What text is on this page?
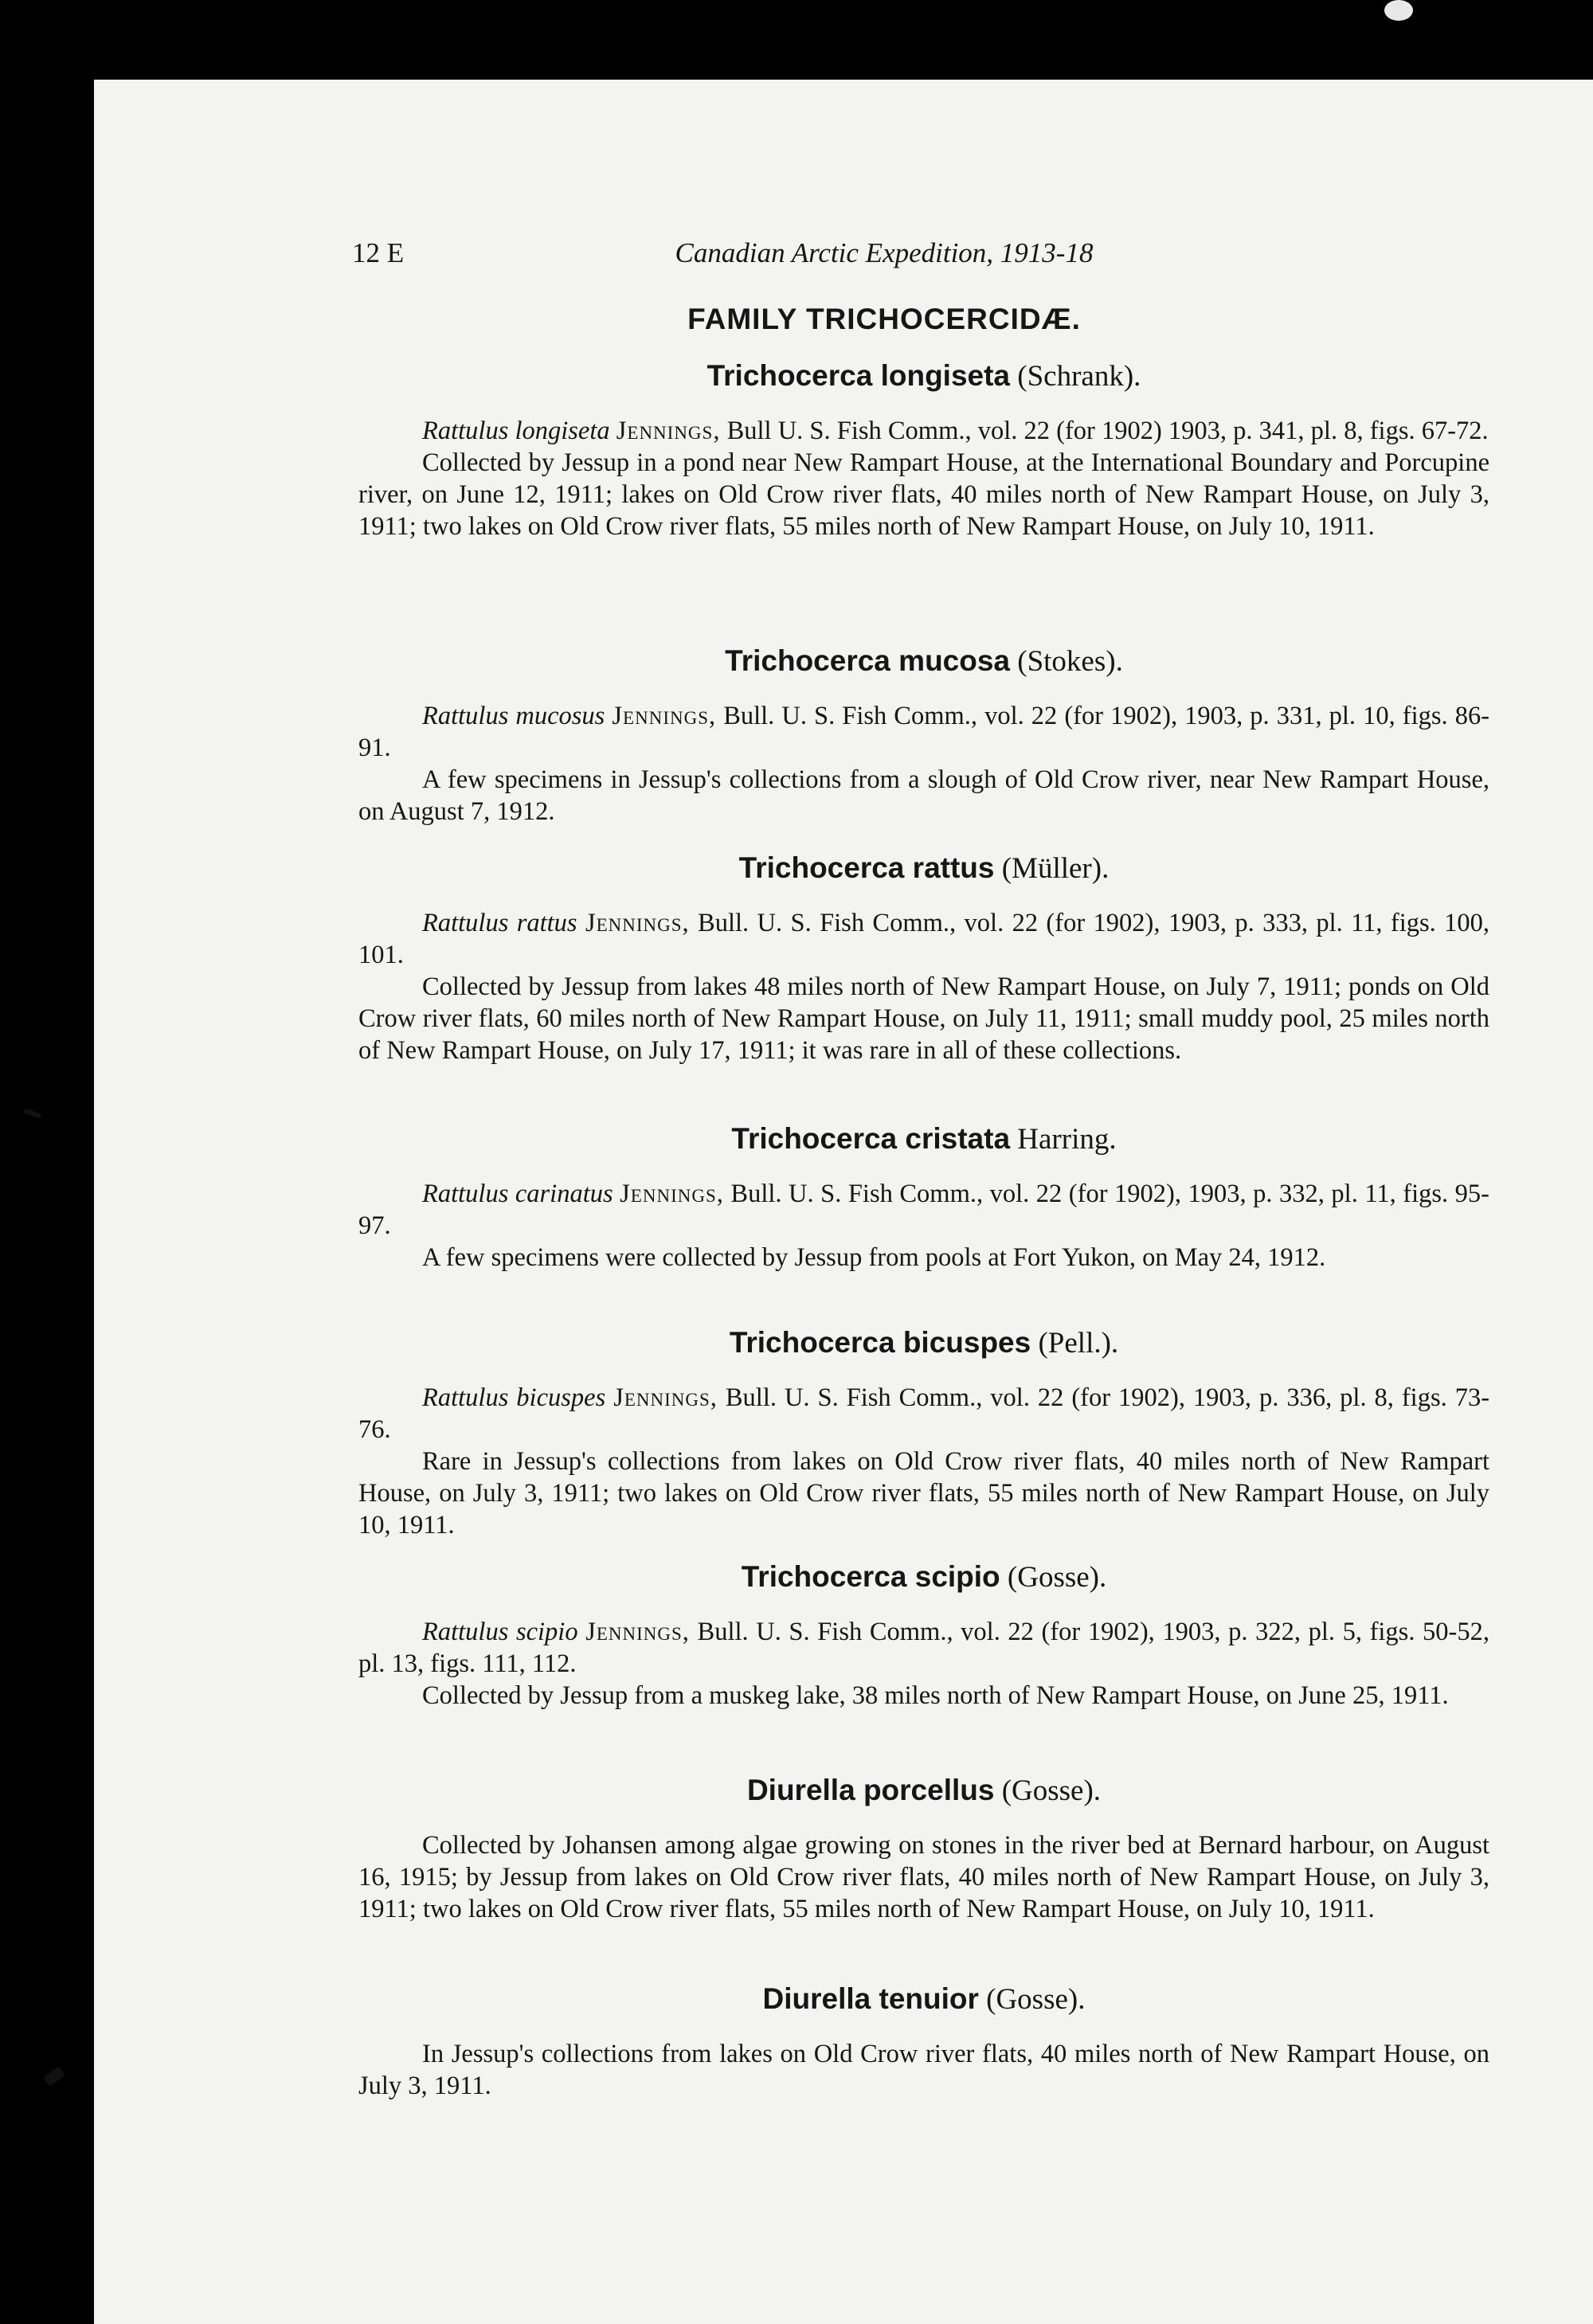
12 E	Canadian Arctic Expedition, 1913-18
FAMILY TRICHOCERCIDÆ.
Trichocerca longiseta (Schrank).

Rattulus longiseta Jennings, Bull U. S. Fish Comm., vol. 22 (for 1902) 1903, p. 341, pl. 8, figs. 67-72.

Collected by Jessup in a pond near New Rampart House, at the International Boundary and Porcupine river, on June 12, 1911; lakes on Old Crow river flats, 40 miles north of New Rampart House, on July 3, 1911; two lakes on Old Crow river flats, 55 miles north of New Rampart House, on July 10, 1911.

Trichocerca mucosa (Stokes).

Rattulus mucosus Jennings, Bull. U. S. Fish Comm., vol. 22 (for 1902), 1903, p. 331, pl. 10, figs. 86-91.

A few specimens in Jessup's collections from a slough of Old Crow river, near New Rampart House, on August 7, 1912.

Trichocerca rattus (Müller).

Rattulus rattus Jennings, Bull. U. S. Fish Comm., vol. 22 (for 1902), 1903, p. 333, pl. 11, figs. 100, 101.

Collected by Jessup from lakes 48 miles north of New Rampart House, on July 7, 1911; ponds on Old Crow river flats, 60 miles north of New Rampart House, on July 11, 1911; small muddy pool, 25 miles north of New Rampart House, on July 17, 1911; it was rare in all of these collections.

Trichocerca cristata Harring.

Rattulus carinatus Jennings, Bull. U. S. Fish Comm., vol. 22 (for 1902), 1903, p. 332, pl. 11, figs. 95-97.

A few specimens were collected by Jessup from pools at Fort Yukon, on May 24, 1912.

Trichocerca bicuspes (Pell.).

Rattulus bicuspes Jennings, Bull. U. S. Fish Comm., vol. 22 (for 1902), 1903, p. 336, pl. 8, figs. 73-76.

Rare in Jessup's collections from lakes on Old Crow river flats, 40 miles north of New Rampart House, on July 3, 1911; two lakes on Old Crow river flats, 55 miles north of New Rampart House, on July 10, 1911.

Trichocerca scipio (Gosse).

Rattulus scipio Jennings, Bull. U. S. Fish Comm., vol. 22 (for 1902), 1903, p. 322, pl. 5, figs. 50-52, pl. 13, figs. 111, 112.

Collected by Jessup from a muskeg lake, 38 miles north of New Rampart House, on June 25, 1911.

Diurella porcellus (Gosse).

Collected by Johansen among algae growing on stones in the river bed at Bernard harbour, on August 16, 1915; by Jessup from lakes on Old Crow river flats, 40 miles north of New Rampart House, on July 3, 1911; two lakes on Old Crow river flats, 55 miles north of New Rampart House, on July 10, 1911.

Diurella tenuior (Gosse).

In Jessup's collections from lakes on Old Crow river flats, 40 miles north of New Rampart House, on July 3, 1911.
